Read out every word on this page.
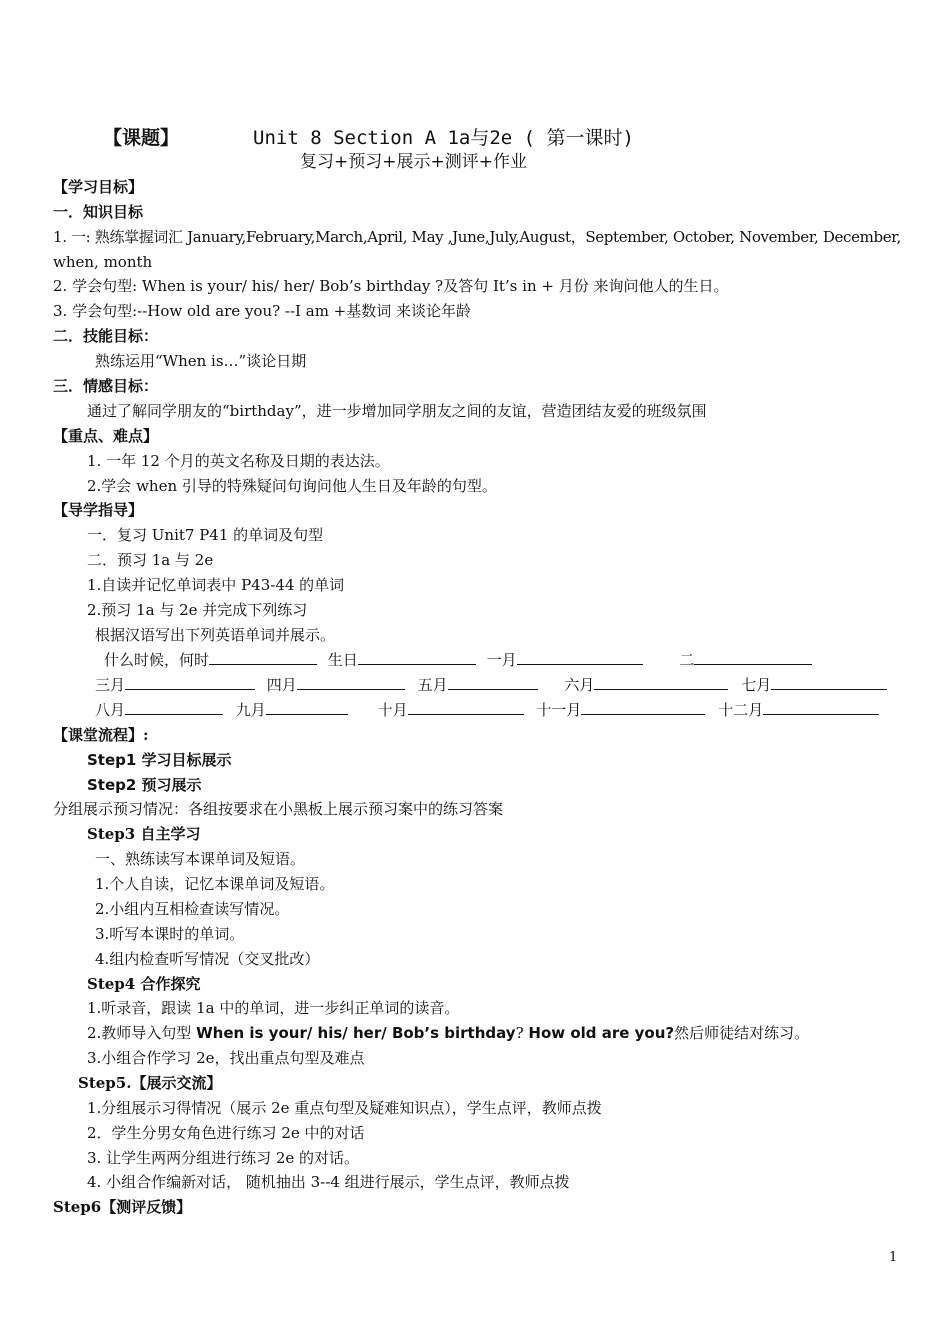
【课题】	Unit 8 Section A 1a与2e ( 第一课时)
复习+预习+展示+测评+作业
【学习目标】
一．知识目标
1. 一: 熟练掌握词汇 January,February,March,April, May ,June,July,August，September, October, November, December,
when, month
2. 学会句型: When is your/ his/ her/ Bob’s birthday ?及答句 It’s in + 月份 来询问他人的生日。
3. 学会句型:--How old are you? --I am +基数词 来谈论年龄
二．技能目标：
熟练运用“When is…”谈论日期
三．情感目标：
通过了解同学朋友的“birthday”，进一步增加同学朋友之间的友谊，营造团结友爱的班级氛围
【重点、难点】
1. 一年 12 个月的英文名称及日期的表达法。
2.学会 when 引导的特殊疑问句询问他人生日及年龄的句型。
【导学指导】
一．复习 Unit7 P41 的单词及句型
二．预习 1a 与 2e
1.自读并记忆单词表中 P43-44 的单词
2.预习 1a 与 2e 并完成下列练习
根据汉语写出下列英语单词并展示。
什么时候，何时	生日	一月	二
三月	四月	五月	六月	七月
八月	九月	十月	十一月	十二月
【课堂流程】:
Step1 学习目标展示
Step2 预习展示
分组展示预习情况：各组按要求在小黑板上展示预习案中的练习答案
Step3 自主学习
一、熟练读写本课单词及短语。
1.个人自读，记忆本课单词及短语。
2.小组内互相检查读写情况。
3.听写本课时的单词。
4.组内检查听写情况（交叉批改）
Step4 合作探究
1.听录音，跟读 1a 中的单词，进一步纠正单词的读音。
2.教师导入句型 When is your/ his/ her/ Bob’s birthday? How old are you?然后师徒结对练习。
3.小组合作学习 2e，找出重点句型及难点
Step5.【展示交流】
1.分组展示习得情况（展示 2e 重点句型及疑难知识点），学生点评，教师点拨
2．学生分男女角色进行练习 2e 中的对话
3. 让学生两两分组进行练习 2e 的对话。
4. 小组合作编新对话， 随机抽出 3--4 组进行展示，学生点评，教师点拨
Step6【测评反馈】
1
